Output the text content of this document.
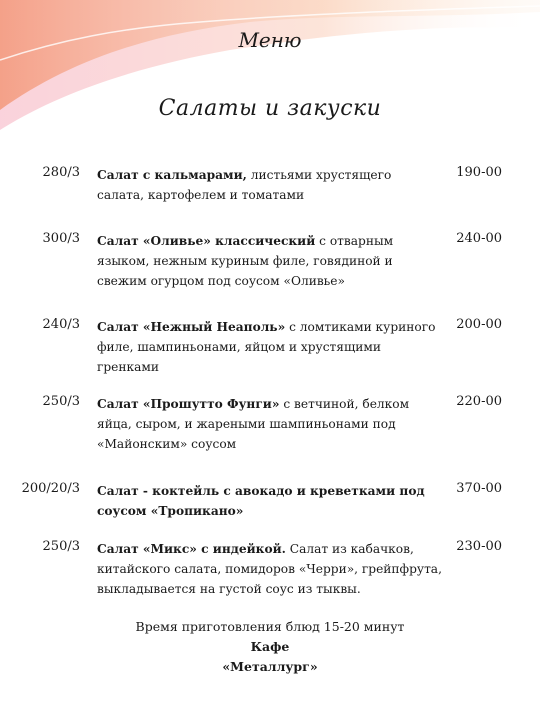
Меню
Салаты и закуски
280/3 Салат с кальмарами, листьями хрустящего салата, картофелем и томатами
190-00
300/3 Салат «Оливье» классический с отварным языком, нежным куриным филе, говядиной и свежим огурцом под соусом «Оливье»
240-00
240/3 Салат «Нежный Неаполь» с ломтиками куриного филе, шампиньонами, яйцом и хрустящими гренками
200-00
250/3 Салат «Прошутто Фунги» с ветчиной, белком яйца, сыром, и жареными шампиньонами под «Майонским» соусом
220-00
200/20/3 Салат - коктейль с авокадо и креветками под соусом «Тропикано»
370-00
250/3 Салат «Микс» с индейкой. Салат из кабачков, китайского салата, помидоров «Черри», грейпфрута, выкладывается на густой соус из тыквы.
230-00
Время приготовления блюд 15-20 минут
Кафе
«Металлург»
